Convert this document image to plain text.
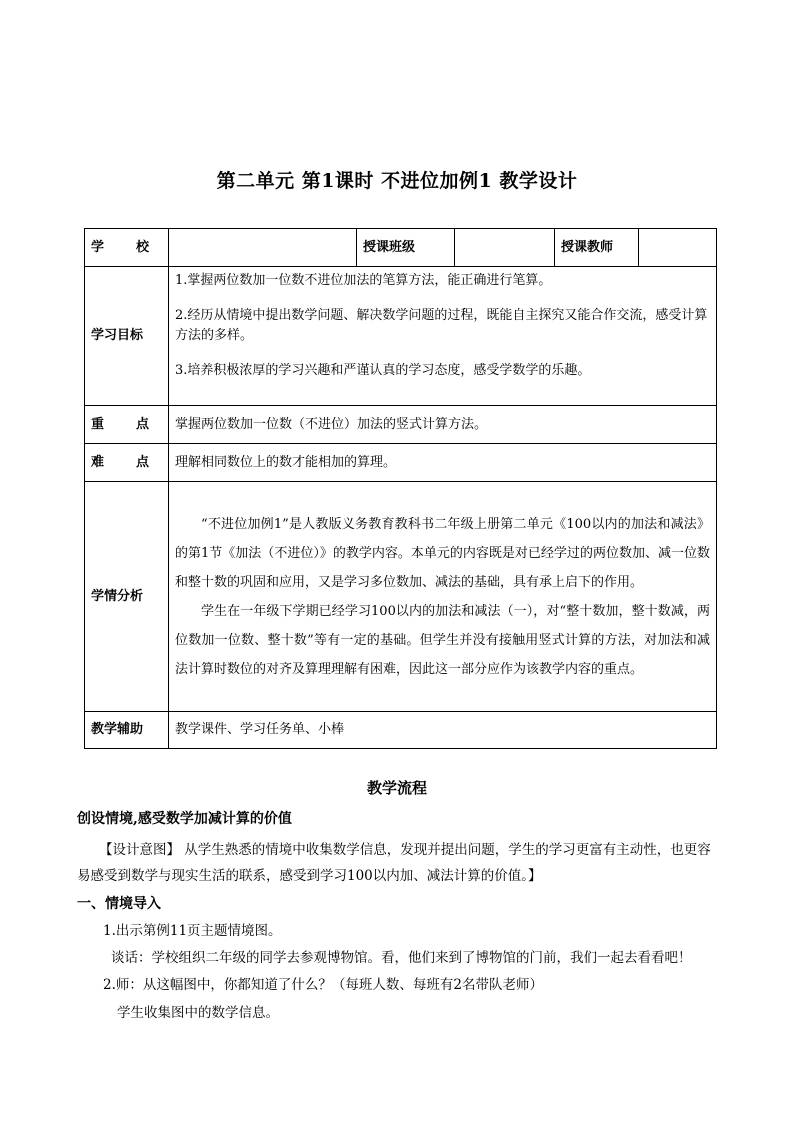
第二单元 第1课时 不进位加例1 教学设计
学 校		授课班级		授课教师	
学习目标	1.掌握两位数加一位数不进位加法的笔算方法，能正确进行笔算。

2.经历从情境中提出数学问题、解决数学问题的过程，既能自主探究又能合作交流，感受计算方法的多样。

3.培养积极浓厚的学习兴趣和严谨认真的学习态度，感受学数学的乐趣。				

重 点	掌握两位数加一位数（不进位）加法的竖式计算方法。				

难 点	理解相同数位上的数才能相加的算理。				
学情分析	“不进位加例1”是人教版义务教育教科书二年级上册第二单元《100以内的加法和减法》的第1节《加法（不进位）》的教学内容。本单元的内容既是对已经学过的两位数加、减一位数和整十数的巩固和应用，又是学习多位数加、减法的基础，具有承上启下的作用。

学生在一年级下学期已经学习100以内的加法和减法（一），对“整十数加，整十数减，两位数加一位数、整十数”等有一定的基础。但学生并没有接触用竖式计算的方法，对加法和减法计算时数位的对齐及算理理解有困难，因此这一部分应作为该教学内容的重点。				

教学辅助	教学课件、学习任务单、小棒				
教学流程
创设情境,感受数学加减计算的价值
【设计意图】 从学生熟悉的情境中收集数学信息，发现并提出问题，学生的学习更富有主动性，也更容易感受到数学与现实生活的联系，感受到学习100以内加、减法计算的价值。】
一、情境导入
1.出示第例11页主题情境图。
谈话：学校组织二年级的同学去参观博物馆。看，他们来到了博物馆的门前，我们一起去看看吧！
2.师：从这幅图中，你都知道了什么？（每班人数、每班有2名带队老师）
学生收集图中的数学信息。
